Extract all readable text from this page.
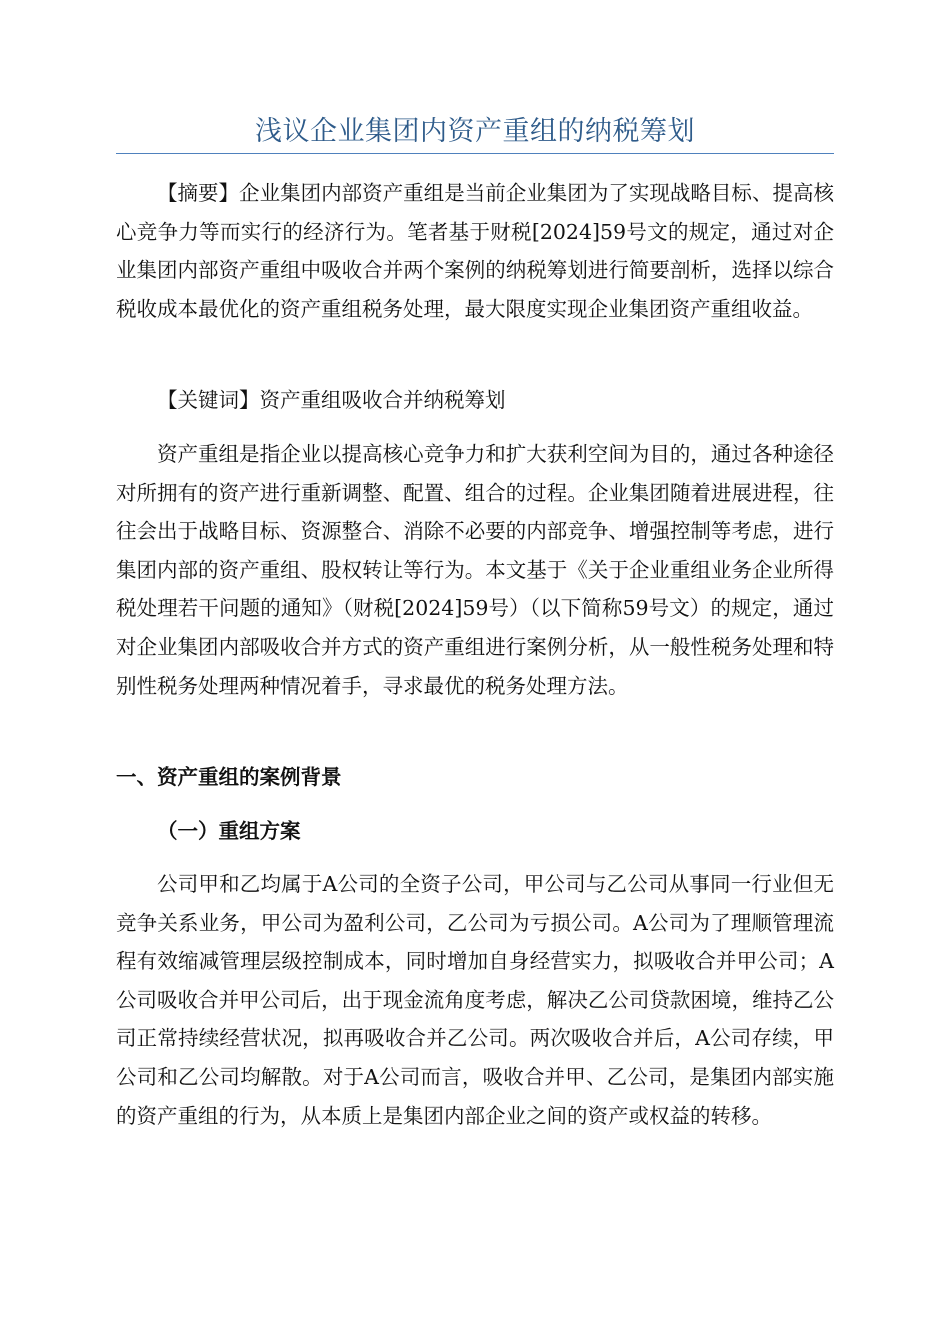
浅议企业集团内资产重组的纳税筹划

【摘要】企业集团内部资产重组是当前企业集团为了实现战略目标、提高核心竞争力等而实行的经济行为。笔者基于财税[2024]59号文的规定，通过对企业集团内部资产重组中吸收合并两个案例的纳税筹划进行简要剖析，选择以综合税收成本最优化的资产重组税务处理，最大限度实现企业集团资产重组收益。

【关键词】资产重组吸收合并纳税筹划

资产重组是指企业以提高核心竞争力和扩大获利空间为目的，通过各种途径对所拥有的资产进行重新调整、配置、组合的过程。企业集团随着进展进程，往往会出于战略目标、资源整合、消除不必要的内部竞争、增强控制等考虑，进行集团内部的资产重组、股权转让等行为。本文基于《关于企业重组业务企业所得税处理若干问题的通知》（财税[2024]59号）（以下简称59号文）的规定，通过对企业集团内部吸收合并方式的资产重组进行案例分析，从一般性税务处理和特别性税务处理两种情况着手，寻求最优的税务处理方法。

一、资产重组的案例背景
（一）重组方案

公司甲和乙均属于A公司的全资子公司，甲公司与乙公司从事同一行业但无竞争关系业务，甲公司为盈利公司，乙公司为亏损公司。A公司为了理顺管理流程有效缩减管理层级控制成本，同时增加自身经营实力，拟吸收合并甲公司；A公司吸收合并甲公司后，出于现金流角度考虑，解决乙公司贷款困境，维持乙公司正常持续经营状况，拟再吸收合并乙公司。两次吸收合并后，A公司存续，甲公司和乙公司均解散。对于A公司而言，吸收合并甲、乙公司，是集团内部实施的资产重组的行为，从本质上是集团内部企业之间的资产或权益的转移。
